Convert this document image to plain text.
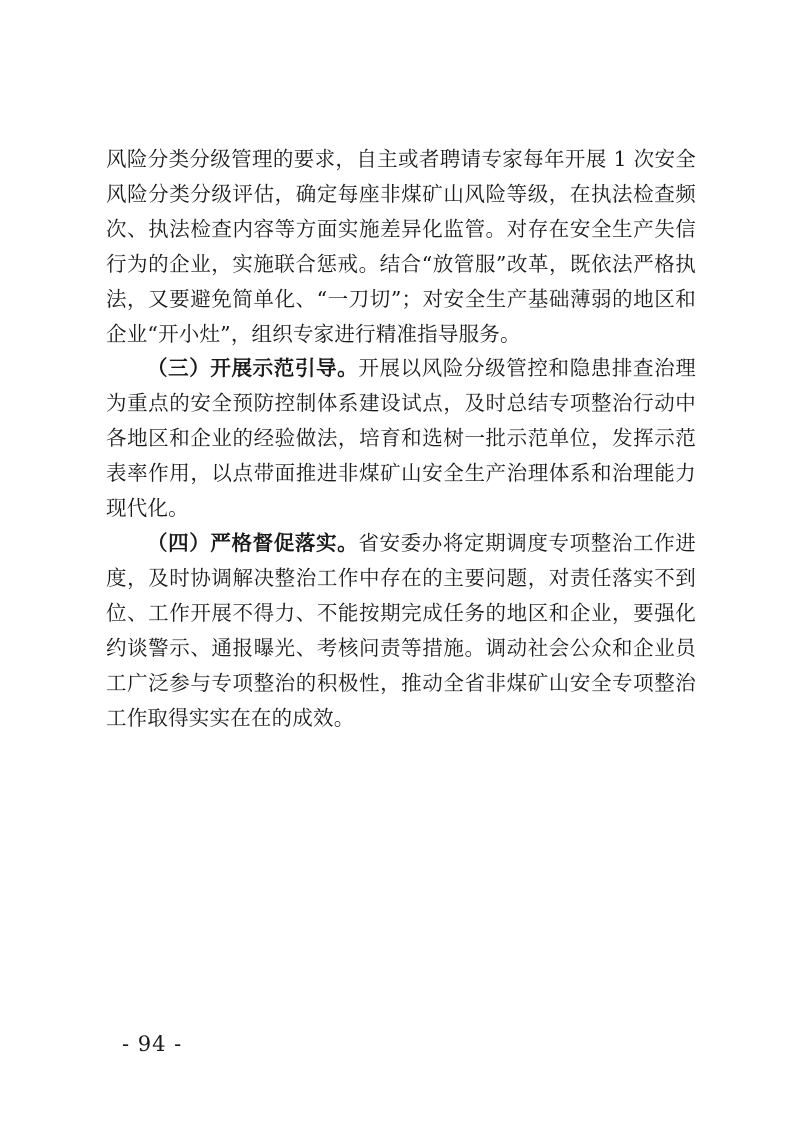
风险分类分级管理的要求，自主或者聘请专家每年开展 1 次安全风险分类分级评估，确定每座非煤矿山风险等级，在执法检查频次、执法检查内容等方面实施差异化监管。对存在安全生产失信行为的企业，实施联合惩戒。结合“放管服”改革，既依法严格执法，又要避免简单化、“一刀切”；对安全生产基础薄弱的地区和企业“开小灶”，组织专家进行精准指导服务。

（三）开展示范引导。开展以风险分级管控和隐患排查治理为重点的安全预防控制体系建设试点，及时总结专项整治行动中各地区和企业的经验做法，培育和选树一批示范单位，发挥示范表率作用，以点带面推进非煤矿山安全生产治理体系和治理能力现代化。

（四）严格督促落实。省安委办将定期调度专项整治工作进度，及时协调解决整治工作中存在的主要问题，对责任落实不到位、工作开展不得力、不能按期完成任务的地区和企业，要强化约谈警示、通报曝光、考核问责等措施。调动社会公众和企业员工广泛参与专项整治的积极性，推动全省非煤矿山安全专项整治工作取得实实在在的成效。

- 94 -
